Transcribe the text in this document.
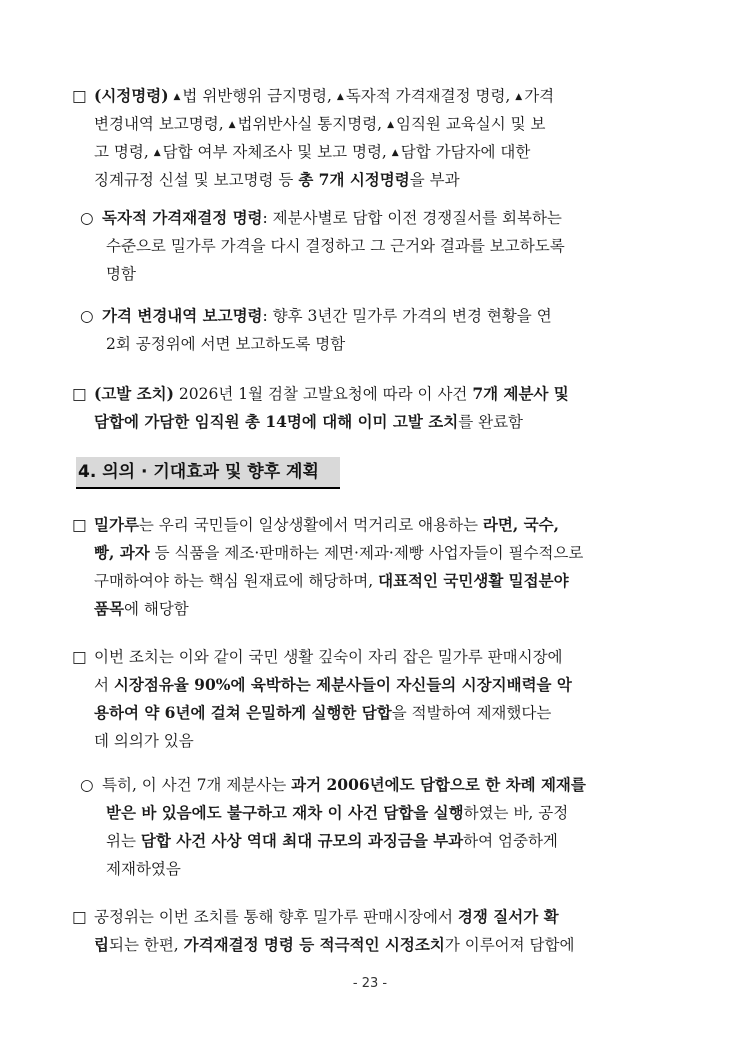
□ (시정명령) ▲ 법 위반행위 금지명령, ▲ 독자적 가격재결정 명령, ▲ 가격
변경내역 보고명령, ▲ 법위반사실 통지명령, ▲ 임직원 교육실시 및 보
고 명령, ▲ 담합 여부 자체조사 및 보고 명령, ▲ 담합 가담자에 대한
징계규정 신설 및 보고명령 등 총 7개 시정명령을 부과
○ 독자적 가격재결정 명령: 제분사별로 담합 이전 경쟁질서를 회복하는
수준으로 밀가루 가격을 다시 결정하고 그 근거와 결과를 보고하도록
명함
○ 가격 변경내역 보고명령: 향후 3년간 밀가루 가격의 변경 현황을 연
2회 공정위에 서면 보고하도록 명함
□ (고발 조치) 2026년 1월 검찰 고발요청에 따라 이 사건 7개 제분사 및
담합에 가담한 임직원 총 14명에 대해 이미 고발 조치를 완료함
4. 의의 · 기대효과 및 향후 계획
□ 밀가루는 우리 국민들이 일상생활에서 먹거리로 애용하는 라면, 국수,
빵, 과자 등 식품을 제조·판매하는 제면·제과·제빵 사업자들이 필수적으로
구매하여야 하는 핵심 원재료에 해당하며, 대표적인 국민생활 밀접분야
품목에 해당함
□ 이번 조치는 이와 같이 국민 생활 깊숙이 자리 잡은 밀가루 판매시장에
서 시장점유율 90%에 육박하는 제분사들이 자신들의 시장지배력을 악
용하여 약 6년에 걸쳐 은밀하게 실행한 담합을 적발하여 제재했다는
데 의의가 있음
○ 특히, 이 사건 7개 제분사는 과거 2006년에도 담합으로 한 차례 제재를
받은 바 있음에도 불구하고 재차 이 사건 담합을 실행하였는 바, 공정
위는 담합 사건 사상 역대 최대 규모의 과징금을 부과하여 엄중하게
제재하였음
□ 공정위는 이번 조치를 통해 향후 밀가루 판매시장에서 경쟁 질서가 확
립되는 한편, 가격재결정 명령 등 적극적인 시정조치가 이루어져 담합에
- 23 -
